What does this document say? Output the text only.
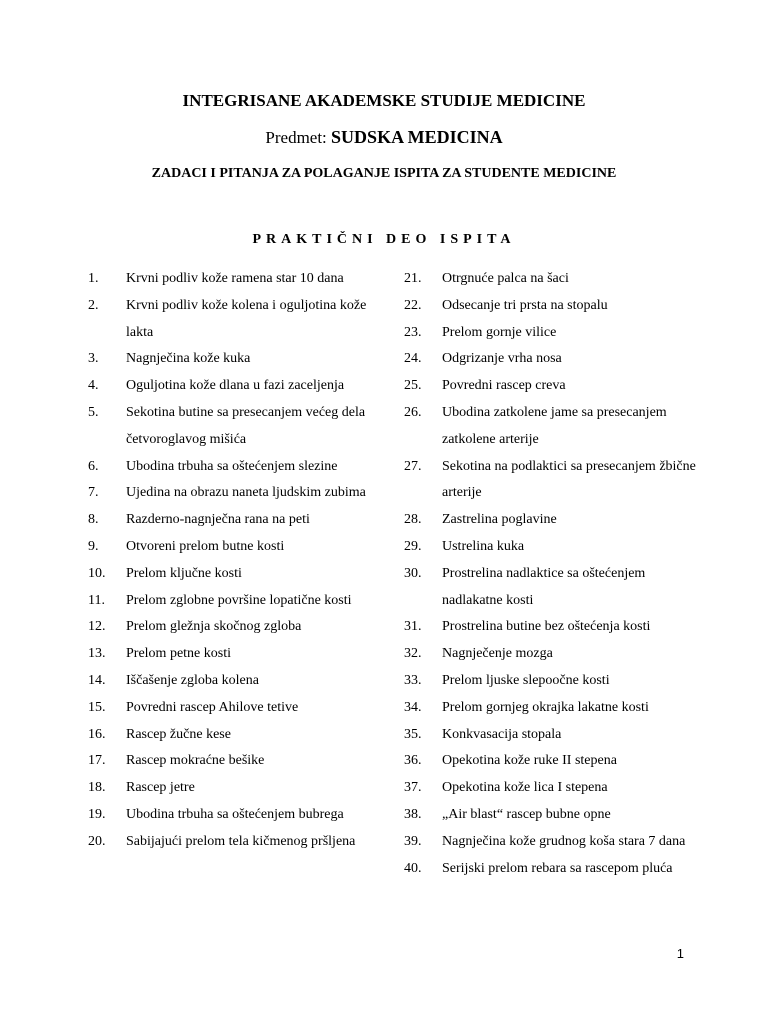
INTEGRISANE AKADEMSKE STUDIJE MEDICINE
Predmet: SUDSKA MEDICINA
ZADACI I PITANJA ZA POLAGANJE ISPITA ZA STUDENTE MEDICINE
PRAKTIČNI DEO ISPITA
1.	Krvni podliv kože ramena star 10 dana
2.	Krvni podliv kože kolena i oguljotina kože lakta
3.	Nagnječina kože kuka
4.	Oguljotina kože dlana u fazi zaceljenja
5.	Sekotina butine sa presecanjem većeg dela četvoroglavog mišića
6.	Ubodina trbuha sa oštećenjem slezine
7.	Ujedina na obrazu naneta ljudskim zubima
8.	Razderno-nagnječna rana na peti
9.	Otvoreni prelom butne kosti
10.	Prelom ključne kosti
11.	Prelom zglobne površine lopatične kosti
12.	Prelom gležnja skočnog zgloba
13.	Prelom petne kosti
14.	Iščašenje zgloba kolena
15.	Povredni rascep Ahilove tetive
16.	Rascep žučne kese
17.	Rascep mokraćne bešike
18.	Rascep jetre
19.	Ubodina trbuha sa oštećenjem bubrega
20.	Sabijajući prelom tela kičmenog pršljena
21.	Otrgnuće palca na šaci
22.	Odsecanje tri prsta na stopalu
23.	Prelom gornje vilice
24.	Odgrizanje vrha nosa
25.	Povredni rascep creva
26.	Ubodina zatkolene jame sa presecanjem zatkolene arterije
27.	Sekotina na podlaktici sa presecanjem žbične arterije
28.	Zastrelina poglavine
29.	Ustrelina kuka
30.	Prostrelina nadlaktice sa oštećenjem nadlakatne kosti
31.	Prostrelina butine bez oštećenja kosti
32.	Nagnječenje mozga
33.	Prelom ljuske slepoočne kosti
34.	Prelom gornjeg okrajka lakatne kosti
35.	Konkvasacija stopala
36.	Opekotina kože ruke II stepena
37.	Opekotina kože lica I stepena
38.	„Air blast“ rascep bubne opne
39.	Nagnječina kože grudnog koša stara 7 dana
40.	Serijski prelom rebara sa rascepom pluća
1
